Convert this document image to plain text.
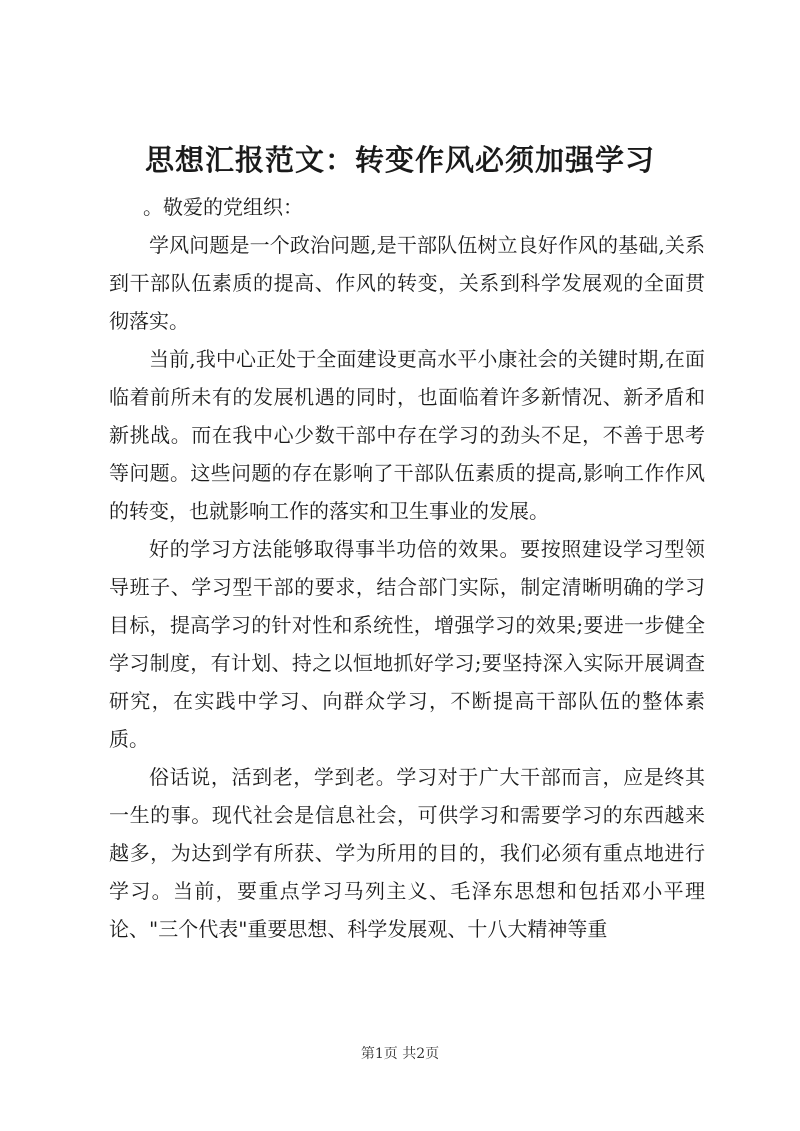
思想汇报范文：转变作风必须加强学习

。敬爱的党组织：

学风问题是一个政治问题,是干部队伍树立良好作风的基础,关系到干部队伍素质的提高、作风的转变，关系到科学发展观的全面贯彻落实。

当前,我中心正处于全面建设更高水平小康社会的关键时期,在面临着前所未有的发展机遇的同时，也面临着许多新情况、新矛盾和新挑战。而在我中心少数干部中存在学习的劲头不足，不善于思考等问题。这些问题的存在影响了干部队伍素质的提高,影响工作作风的转变，也就影响工作的落实和卫生事业的发展。

好的学习方法能够取得事半功倍的效果。要按照建设学习型领导班子、学习型干部的要求，结合部门实际，制定清晰明确的学习目标，提高学习的针对性和系统性，增强学习的效果;要进一步健全学习制度，有计划、持之以恒地抓好学习;要坚持深入实际开展调查研究，在实践中学习、向群众学习，不断提高干部队伍的整体素质。

俗话说，活到老，学到老。学习对于广大干部而言，应是终其一生的事。现代社会是信息社会，可供学习和需要学习的东西越来越多，为达到学有所获、学为所用的目的，我们必须有重点地进行学习。当前，要重点学习马列主义、毛泽东思想和包括邓小平理论、"三个代表"重要思想、科学发展观、十八大精神等重

第1页 共2页
